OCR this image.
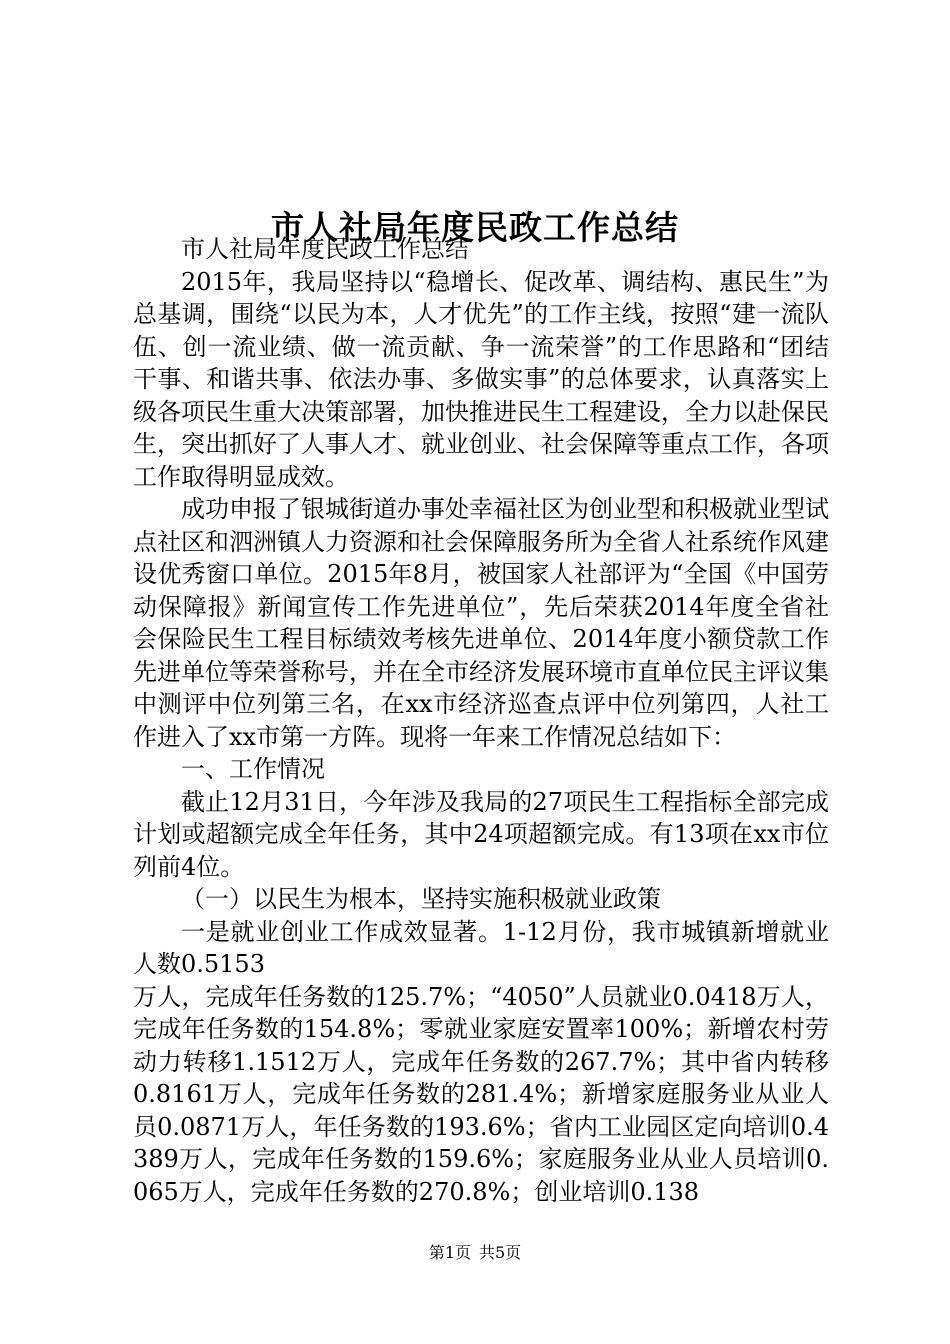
市人社局年度民政工作总结

市人社局年度民政工作总结

2015年，我局坚持以“稳增长、促改革、调结构、惠民生”为总基调，围绕“以民为本，人才优先”的工作主线，按照“建一流队伍、创一流业绩、做一流贡献、争一流荣誉”的工作思路和“团结干事、和谐共事、依法办事、多做实事”的总体要求，认真落实上级各项民生重大决策部署，加快推进民生工程建设，全力以赴保民生，突出抓好了人事人才、就业创业、社会保障等重点工作，各项工作取得明显成效。

成功申报了银城街道办事处幸福社区为创业型和积极就业型试点社区和泗洲镇人力资源和社会保障服务所为全省人社系统作风建设优秀窗口单位。2015年8月，被国家人社部评为“全国《中国劳动保障报》新闻宣传工作先进单位”，先后荣获2014年度全省社会保险民生工程目标绩效考核先进单位、2014年度小额贷款工作先进单位等荣誉称号，并在全市经济发展环境市直单位民主评议集中测评中位列第三名，在xx市经济巡查点评中位列第四，人社工作进入了xx市第一方阵。现将一年来工作情况总结如下：

一、工作情况

截止12月31日，今年涉及我局的27项民生工程指标全部完成计划或超额完成全年任务，其中24项超额完成。有13项在xx市位列前4位。

（一）以民生为根本，坚持实施积极就业政策

一是就业创业工作成效显著。1-12月份，我市城镇新增就业人数0.5153

万人，完成年任务数的125.7%；“4050”人员就业0.0418万人，完成年任务数的154.8%；零就业家庭安置率100%；新增农村劳动力转移1.1512万人，完成年任务数的267.7%；其中省内转移0.8161万人，完成年任务数的281.4%；新增家庭服务业从业人员0.0871万人，年任务数的193.6%；省内工业园区定向培训0.4389万人，完成年任务数的159.6%；家庭服务业从业人员培训0.065万人，完成年任务数的270.8%；创业培训0.138

第1页 共5页
